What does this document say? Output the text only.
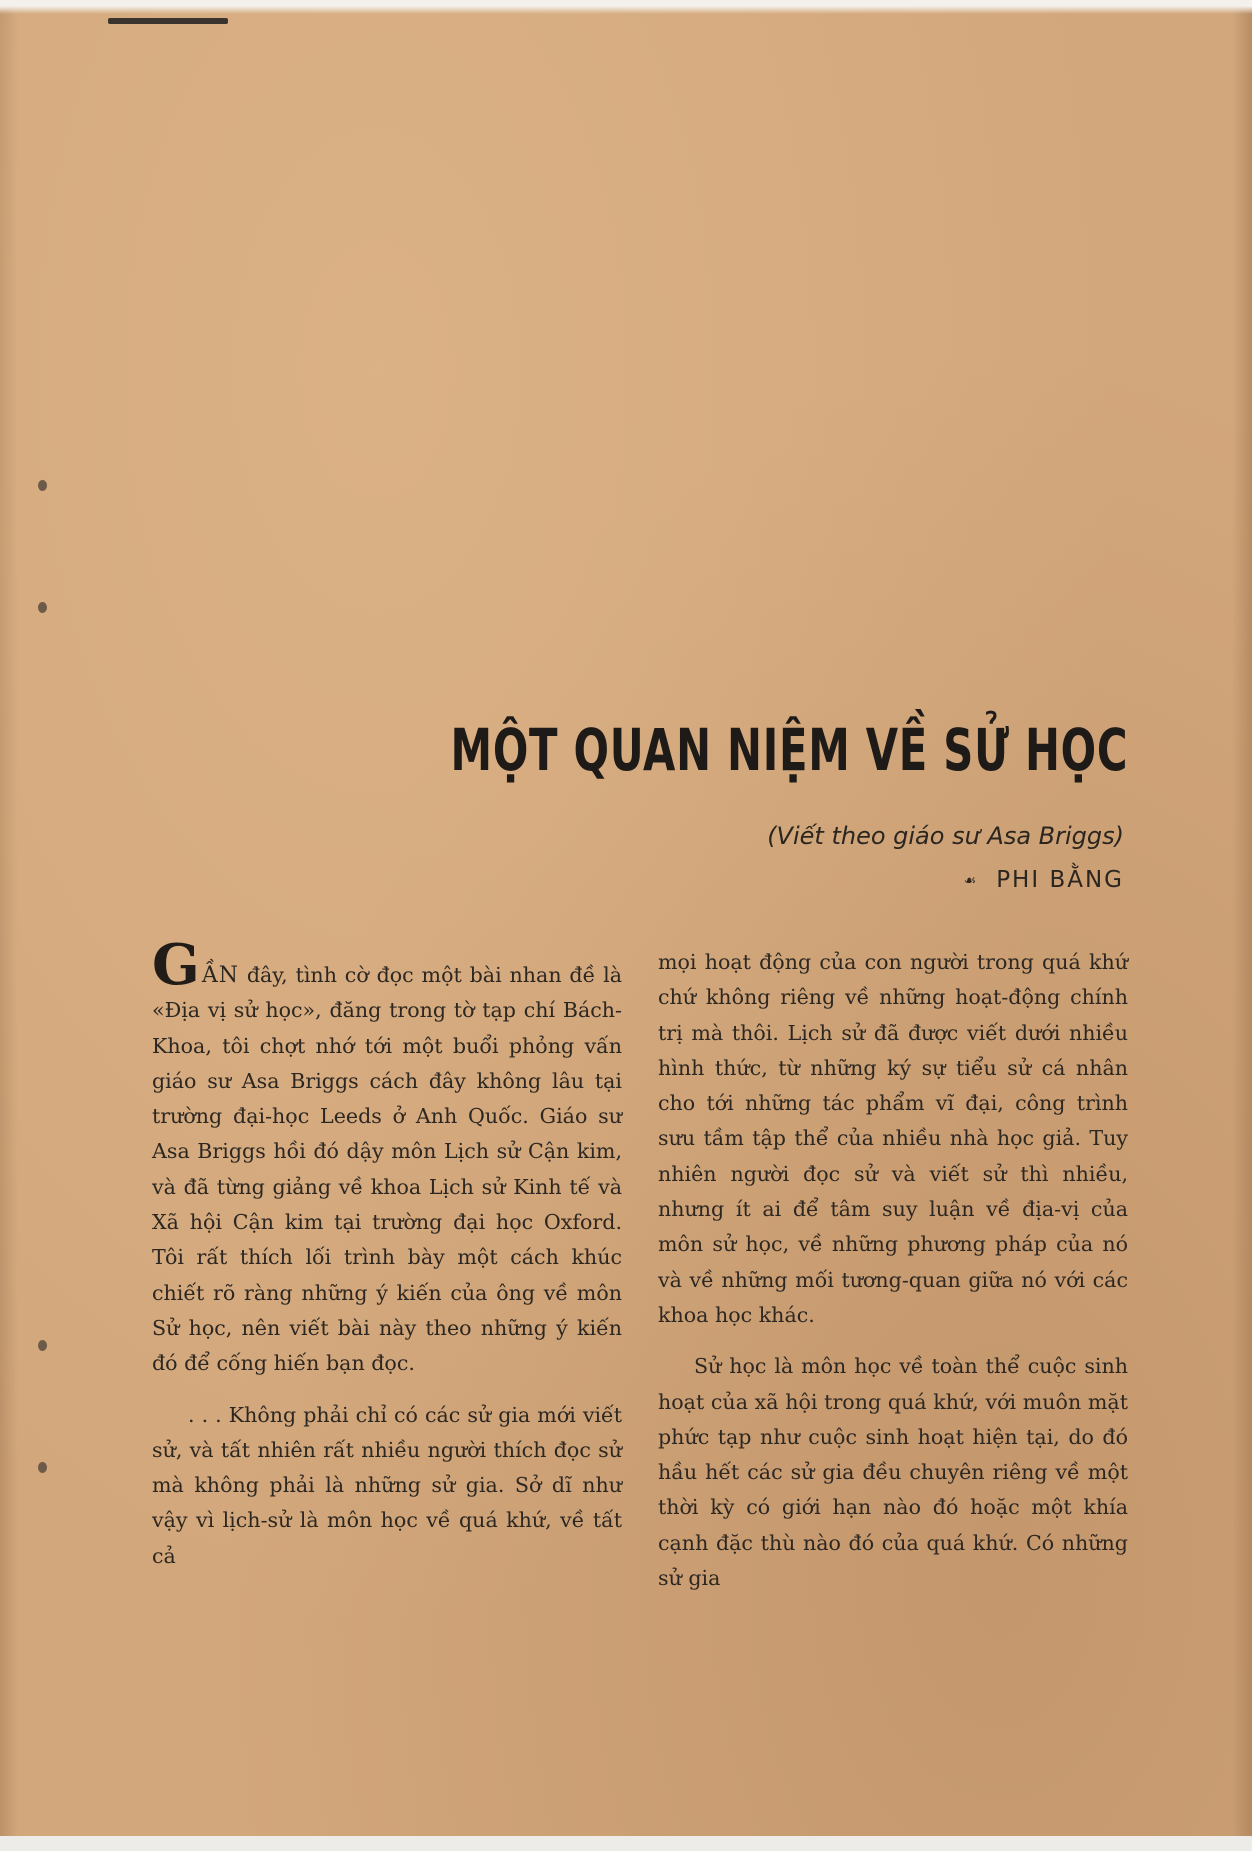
MỘT QUAN NIỆM VỀ SỬ HỌC
(Viết theo giáo sư Asa Briggs)
☙ PHI BẰNG

GẦN đây, tình cờ đọc một bài nhan đề là «Địa vị sử học», đăng trong tờ tạp chí Bách-Khoa, tôi chợt nhớ tới một buổi phỏng vấn giáo sư Asa Briggs cách đây không lâu tại trường đại-học Leeds ở Anh Quốc. Giáo sư Asa Briggs hồi đó dậy môn Lịch sử Cận kim, và đã từng giảng về khoa Lịch sử Kinh tế và Xã hội Cận kim tại trường đại học Oxford. Tôi rất thích lối trình bày một cách khúc chiết rõ ràng những ý kiến của ông về môn Sử học, nên viết bài này theo những ý kiến đó để cống hiến bạn đọc.

. . . Không phải chỉ có các sử gia mới viết sử, và tất nhiên rất nhiều người thích đọc sử mà không phải là những sử gia. Sở dĩ như vậy vì lịch-sử là môn học về quá khứ, về tất cả

mọi hoạt động của con người trong quá khứ chứ không riêng về những hoạt-động chính trị mà thôi. Lịch sử đã được viết dưới nhiều hình thức, từ những ký sự tiểu sử cá nhân cho tới những tác phẩm vĩ đại, công trình sưu tầm tập thể của nhiều nhà học giả. Tuy nhiên người đọc sử và viết sử thì nhiều, nhưng ít ai để tâm suy luận về địa-vị của môn sử học, về những phương pháp của nó và về những mối tương-quan giữa nó với các khoa học khác.

Sử học là môn học về toàn thể cuộc sinh hoạt của xã hội trong quá khứ, với muôn mặt phức tạp như cuộc sinh hoạt hiện tại, do đó hầu hết các sử gia đều chuyên riêng về một thời kỳ có giới hạn nào đó hoặc một khía cạnh đặc thù nào đó của quá khứ. Có những sử gia
